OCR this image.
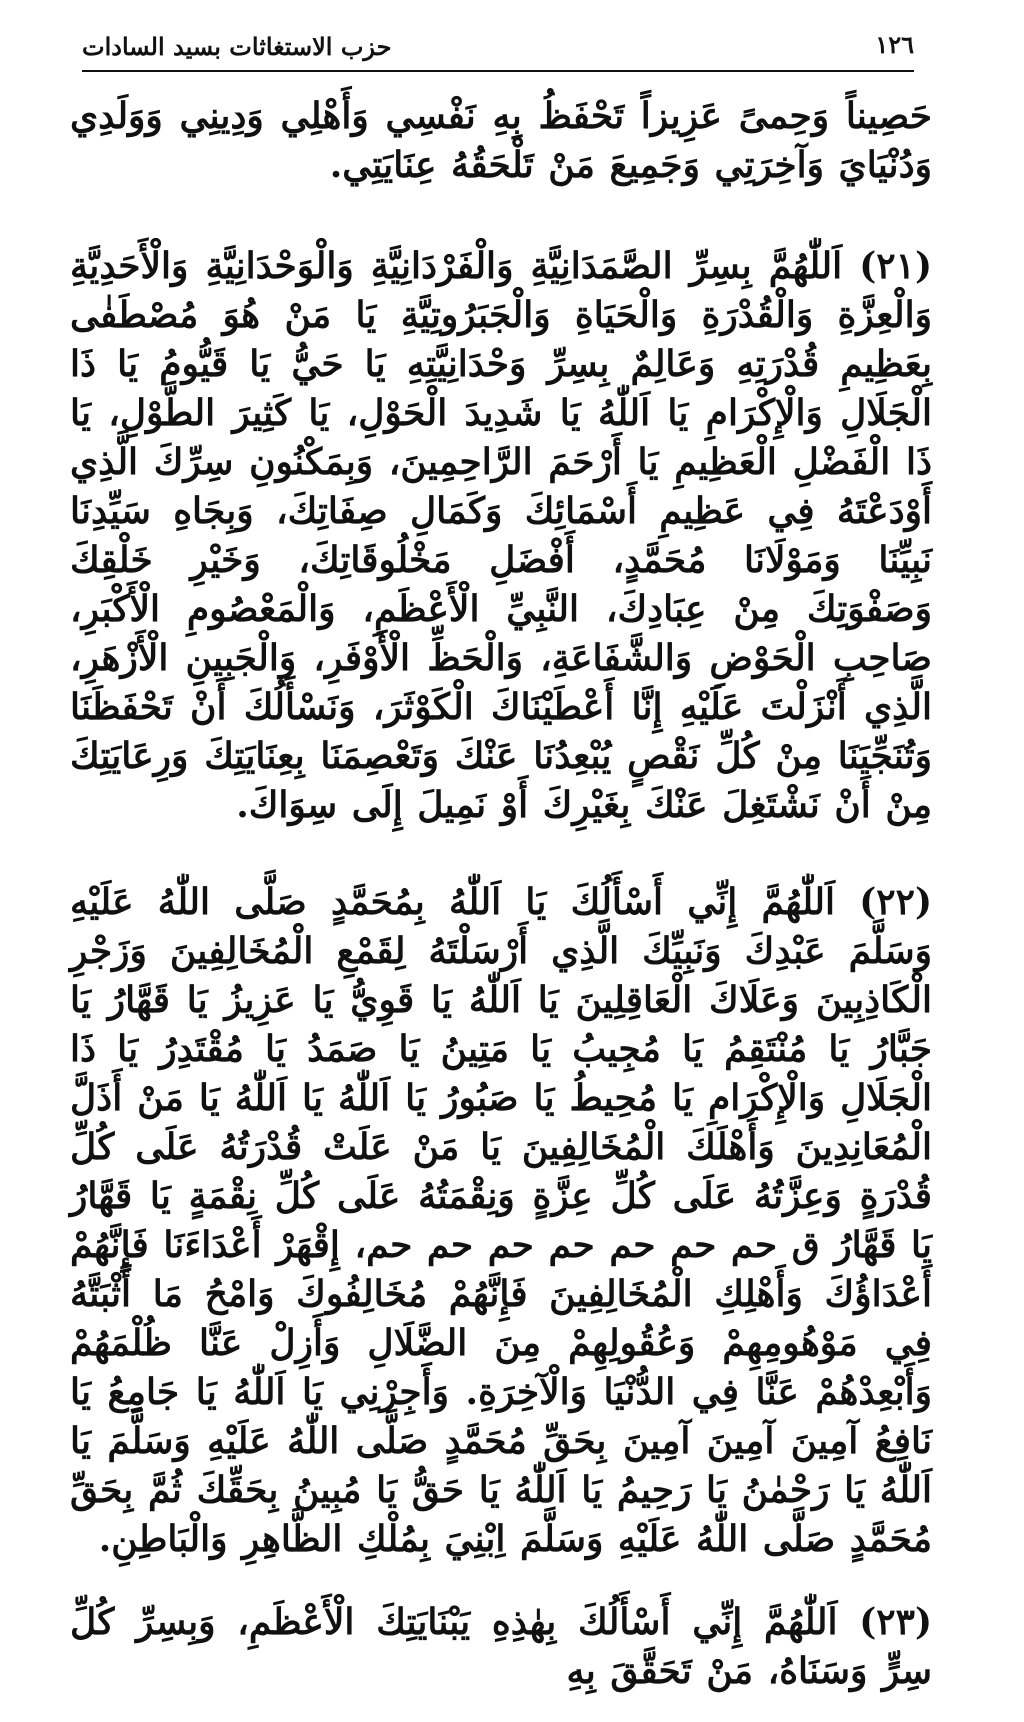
حزب الاستغاثات بسيد السادات	١٢٦

حَصِيناً وَحِمىً عَزِيزاً تَحْفَظُ بِهِ نَفْسِي وَأَهْلِي وَدِينِي وَوَلَدِي وَدُنْيَايَ وَآخِرَتِي وَجَمِيعَ مَنْ تَلْحَقُهُ عِنَايَتِي.

(٢١) اَللّٰهُمَّ بِسِرِّ الصَّمَدَانِيَّةِ وَالْفَرْدَانِيَّةِ وَالْوَحْدَانِيَّةِ وَالْأَحَدِيَّةِ وَالْعِزَّةِ وَالْقُدْرَةِ وَالْحَيَاةِ وَالْجَبَرُوتِيَّةِ يَا مَنْ هُوَ مُصْطَفٰى بِعَظِيمِ قُدْرَتِهِ وَعَالِمٌ بِسِرِّ وَحْدَانِيَّتِهِ يَا حَيُّ يَا قَيُّومُ يَا ذَا الْجَلَالِ وَالْإِكْرَامِ يَا اَللّٰهُ يَا شَدِيدَ الْحَوْلِ، يَا كَثِيرَ الطَّوْلِ، يَا ذَا الْفَضْلِ الْعَظِيمِ يَا أَرْحَمَ الرَّاحِمِينَ، وَبِمَكْنُونِ سِرِّكَ الَّذِي أَوْدَعْتَهُ فِي عَظِيمِ أَسْمَائِكَ وَكَمَالِ صِفَاتِكَ، وَبِجَاهِ سَيِّدِنَا نَبِيِّنَا وَمَوْلَانَا مُحَمَّدٍ، أَفْضَلِ مَخْلُوقَاتِكَ، وَخَيْرِ خَلْقِكَ وَصَفْوَتِكَ مِنْ عِبَادِكَ، النَّبِيِّ الْأَعْظَمِ، وَالْمَعْصُومِ الْأَكْبَرِ، صَاحِبِ الْحَوْضِ وَالشَّفَاعَةِ، وَالْحَظِّ الْأَوْفَرِ، وَالْجَبِينِ الْأَزْهَرِ، الَّذِي أَنْزَلْتَ عَلَيْهِ إِنَّا أَعْطَيْنَاكَ الْكَوْثَرَ، وَنَسْأَلُكَ أَنْ تَحْفَظَنَا وَتُنَجِّيَنَا مِنْ كُلِّ نَقْصٍ يُبْعِدُنَا عَنْكَ وَتَعْصِمَنَا بِعِنَايَتِكَ وَرِعَايَتِكَ مِنْ أَنْ نَشْتَغِلَ عَنْكَ بِغَيْرِكَ أَوْ نَمِيلَ إِلَى سِوَاكَ.

(٢٢) اَللّٰهُمَّ إِنِّي أَسْأَلُكَ يَا اَللّٰهُ بِمُحَمَّدٍ صَلَّى اللّٰهُ عَلَيْهِ وَسَلَّمَ عَبْدِكَ وَنَبِيِّكَ الَّذِي أَرْسَلْتَهُ لِقَمْعِ الْمُخَالِفِينَ وَزَجْرِ الْكَاذِبِينَ وَعَلَاكَ الْعَاقِلِينَ يَا اَللّٰهُ يَا قَوِيُّ يَا عَزِيزُ يَا قَهَّارُ يَا جَبَّارُ يَا مُنْتَقِمُ يَا مُجِيبُ يَا مَتِينُ يَا صَمَدُ يَا مُقْتَدِرُ يَا ذَا الْجَلَالِ وَالْإِكْرَامِ يَا مُحِيطُ يَا صَبُورُ يَا اَللّٰهُ يَا اَللّٰهُ يَا مَنْ أَذَلَّ الْمُعَانِدِينَ وَأَهْلَكَ الْمُخَالِفِينَ يَا مَنْ عَلَتْ قُدْرَتُهُ عَلَى كُلِّ قُدْرَةٍ وَعِزَّتُهُ عَلَى كُلِّ عِزَّةٍ وَنِقْمَتُهُ عَلَى كُلِّ نِقْمَةٍ يَا قَهَّارُ يَا قَهَّارُ ق حم حم حم حم حم حم حم، إِقْهَرْ أَعْدَاءَنَا فَإِنَّهُمْ أَعْدَاؤُكَ وَأَهْلِكِ الْمُخَالِفِينَ فَإِنَّهُمْ مُخَالِفُوكَ وَامْحُ مَا أَثْبَتَّهُ فِي مَوْهُومِهِمْ وَعُقُولِهِمْ مِنَ الضَّلَالِ وَأَزِلْ عَنَّا ظُلْمَهُمْ وَأَبْعِدْهُمْ عَنَّا فِي الدُّنْيَا وَالْآخِرَةِ. وَأَجِرْنِي يَا اَللّٰهُ يَا جَامِعُ يَا نَافِعُ آمِينَ آمِينَ آمِينَ بِحَقِّ مُحَمَّدٍ صَلَّى اللّٰهُ عَلَيْهِ وَسَلَّمَ يَا اَللّٰهُ يَا رَحْمٰنُ يَا رَحِيمُ يَا اَللّٰهُ يَا حَقُّ يَا مُبِينُ بِحَقِّكَ ثُمَّ بِحَقِّ مُحَمَّدٍ صَلَّى اللّٰهُ عَلَيْهِ وَسَلَّمَ اِبْنِيَ بِمُلْكِ الظَّاهِرِ وَالْبَاطِنِ.

(٢٣) اَللّٰهُمَّ إِنِّي أَسْأَلُكَ بِهٰذِهِ يَبْنَايَتِكَ الْأَعْظَمِ، وَبِسِرِّ كُلِّ سِرٍّ وَسَنَاهُ، مَنْ تَحَقَّقَ بِهِ
